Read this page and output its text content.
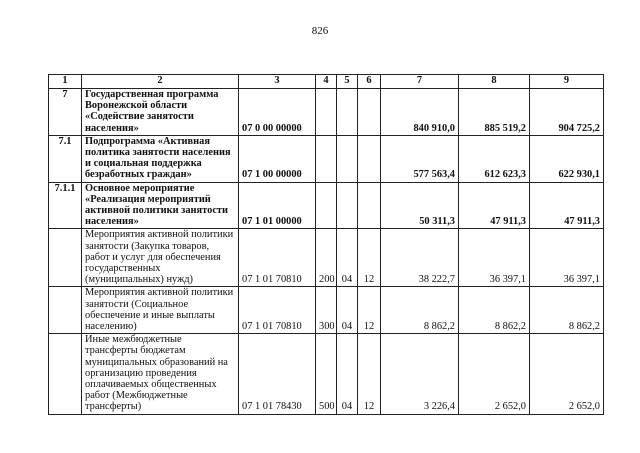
826
1	2	3	4	5	6	7	8	9
7	Государственная программа Воронежской области «Содействие занятости населения»	07 0 00 00000				840 910,0	885 519,2	904 725,2
7.1	Подпрограмма «Активная политика занятости населения и социальная поддержка безработных граждан»	07 1 00 00000				577 563,4	612 623,3	622 930,1
7.1.1	Основное мероприятие «Реализация мероприятий активной политики занятости населения»	07 1 01 00000				50 311,3	47 911,3	47 911,3
	Мероприятия активной политики занятости (Закупка товаров, работ и услуг для обеспечения государственных (муниципальных) нужд)	07 1 01 70810	200	04	12	38 222,7	36 397,1	36 397,1
	Мероприятия активной политики занятости (Социальное обеспечение и иные выплаты населению)	07 1 01 70810	300	04	12	8 862,2	8 862,2	8 862,2
	Иные межбюджетные трансферты бюджетам муниципальных образований на организацию проведения оплачиваемых общественных работ (Межбюджетные трансферты)	07 1 01 78430	500	04	12	3 226,4	2 652,0	2 652,0
